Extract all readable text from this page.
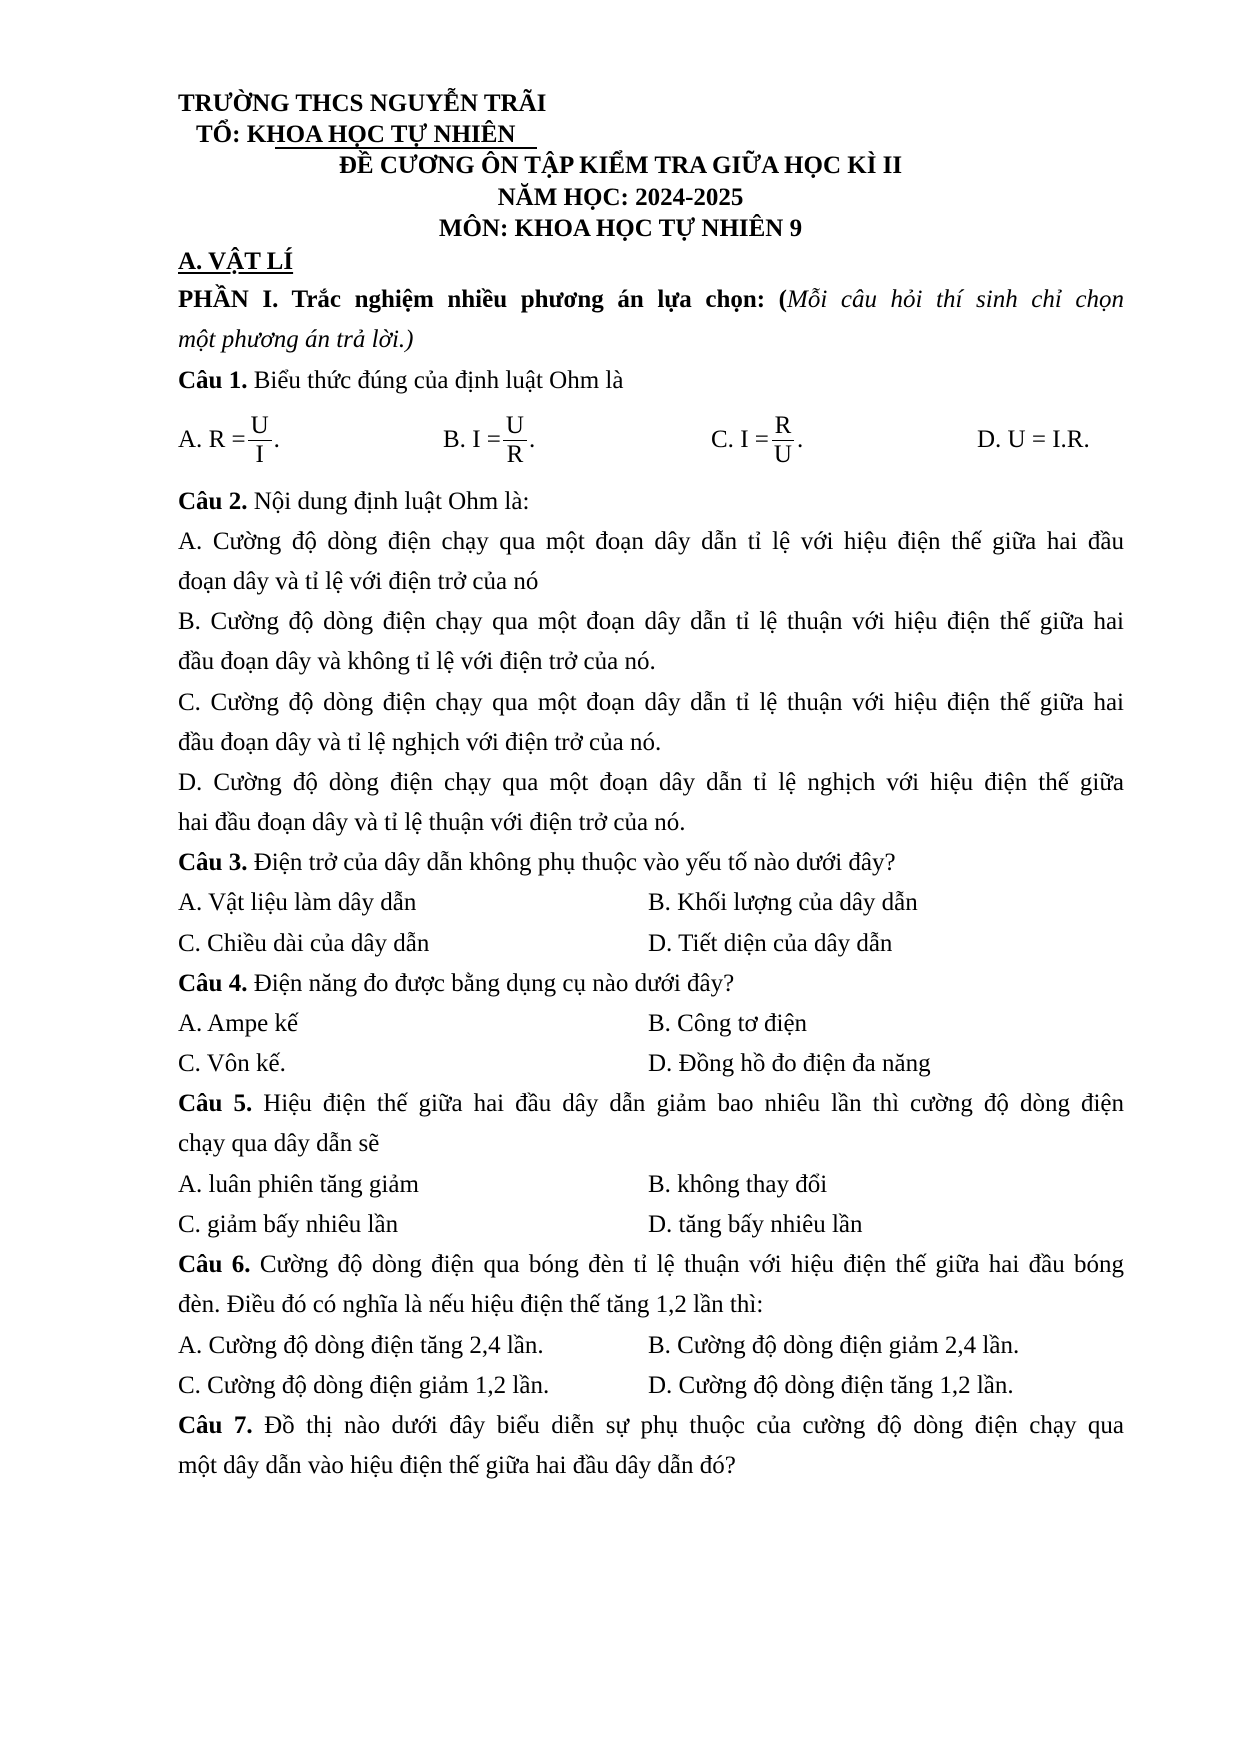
TRƯỜNG THCS NGUYỄN TRÃI
TỔ: KHOA HỌC TỰ NHIÊN
ĐỀ CƯƠNG ÔN TẬP KIỂM TRA GIỮA HỌC KÌ II
NĂM HỌC: 2024-2025
MÔN: KHOA HỌC TỰ NHIÊN 9
A. VẬT LÍ
PHẦN I. Trắc nghiệm nhiều phương án lựa chọn: (Mỗi câu hỏi thí sinh chỉ chọn
một phương án trả lời.)
Câu 1. Biểu thức đúng của định luật Ohm là
A.
$R = \frac{U}{I}$ .	B.
$I = \frac{U}{R}$ .	C.
$I = \frac{R}{U}$ .	D. U = I.R.
Câu 2. Nội dung định luật Ohm là:
A. Cường độ dòng điện chạy qua một đoạn dây dẫn tỉ lệ với hiệu điện thế giữa hai đầu
đoạn dây và tỉ lệ với điện trở của nó
B. Cường độ dòng điện chạy qua một đoạn dây dẫn tỉ lệ thuận với hiệu điện thế giữa hai
đầu đoạn dây và không tỉ lệ với điện trở của nó.
C. Cường độ dòng điện chạy qua một đoạn dây dẫn tỉ lệ thuận với hiệu điện thế giữa hai
đầu đoạn dây và tỉ lệ nghịch với điện trở của nó.
D. Cường độ dòng điện chạy qua một đoạn dây dẫn tỉ lệ nghịch với hiệu điện thế giữa
hai đầu đoạn dây và tỉ lệ thuận với điện trở của nó.
Câu 3. Điện trở của dây dẫn không phụ thuộc vào yếu tố nào dưới đây?
A. Vật liệu làm dây dẫn	B. Khối lượng của dây dẫn
C. Chiều dài của dây dẫn	D. Tiết diện của dây dẫn
Câu 4. Điện năng đo được bằng dụng cụ nào dưới đây?
A. Ampe kế	B. Công tơ điện
C. Vôn kế.	D. Đồng hồ đo điện đa năng
Câu 5. Hiệu điện thế giữa hai đầu dây dẫn giảm bao nhiêu lần thì cường độ dòng điện
chạy qua dây dẫn sẽ
A. luân phiên tăng giảm	B. không thay đổi
C. giảm bấy nhiêu lần	D. tăng bấy nhiêu lần
Câu 6. Cường độ dòng điện qua bóng đèn tỉ lệ thuận với hiệu điện thế giữa hai đầu bóng
đèn. Điều đó có nghĩa là nếu hiệu điện thế tăng 1,2 lần thì:
A. Cường độ dòng điện tăng 2,4 lần.	B. Cường độ dòng điện giảm 2,4 lần.
C. Cường độ dòng điện giảm 1,2 lần.	D. Cường độ dòng điện tăng 1,2 lần.
Câu 7. Đồ thị nào dưới đây biểu diễn sự phụ thuộc của cường độ dòng điện chạy qua
một dây dẫn vào hiệu điện thế giữa hai đầu dây dẫn đó?
